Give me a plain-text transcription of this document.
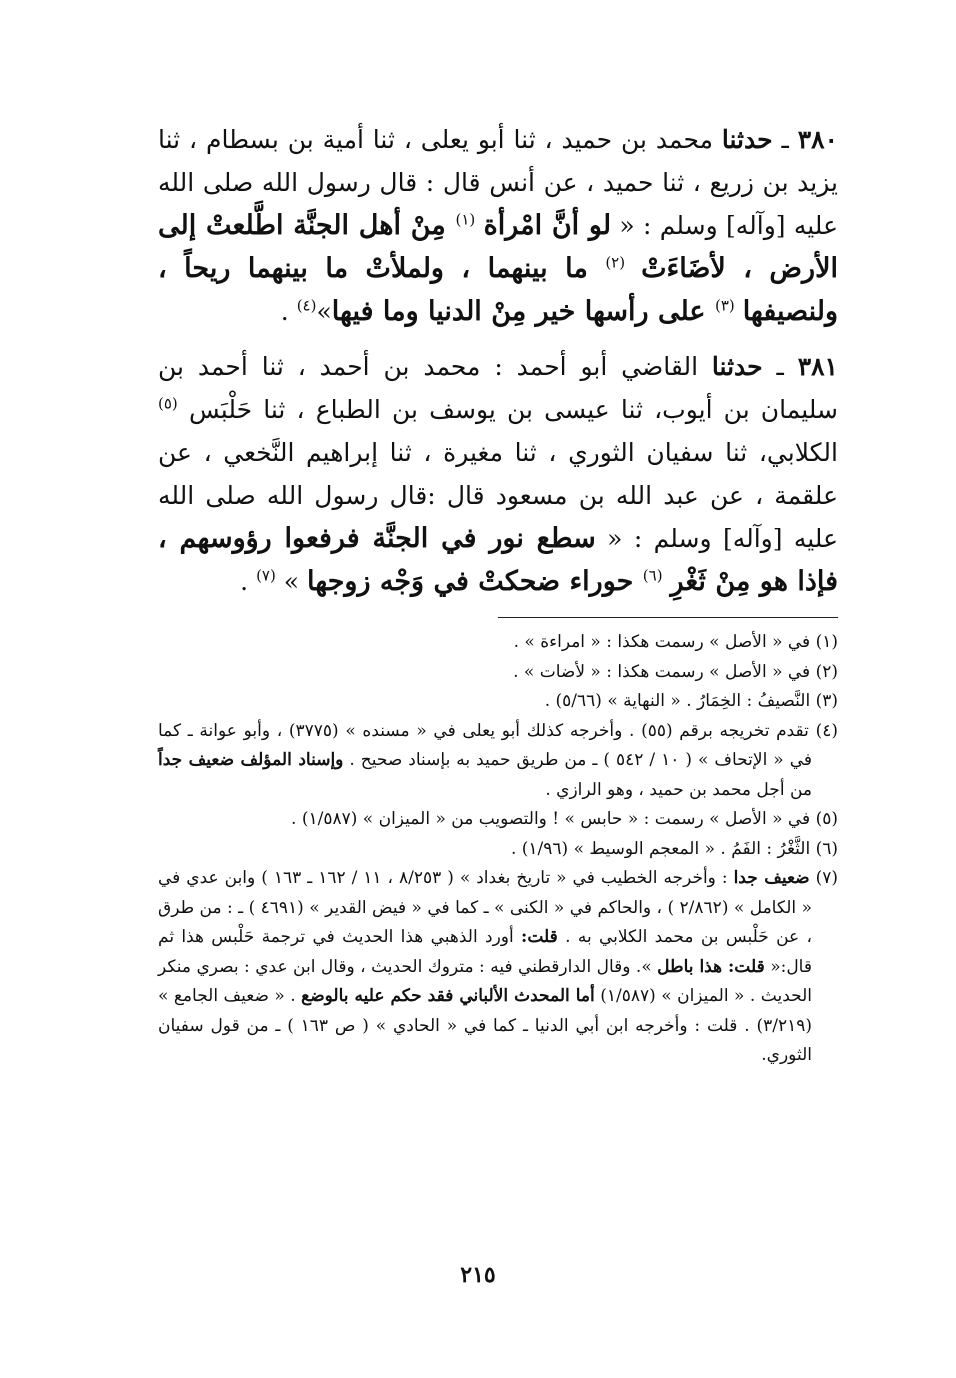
٣٨٠ ـ حدثنا محمد بن حميد ، ثنا أبو يعلى ، ثنا أمية بن بسطام ، ثنا يزيد بن زريع ، ثنا حميد ، عن أنس قال : قال رسول الله صلى الله عليه [وآله] وسلم : « لو أنَّ امْرأة $^{(١)}$ مِنْ أهل الجنَّة اطَّلعتْ إلى الأرض ، لأضَاءَتْ $^{(٢)}$ ما بينهما ، ولملأتْ ما بينهما ريحاً ، ولنصيفها $^{(٣)}$ على رأسها خير مِنْ الدنيا وما فيها»$^{(٤)}$ .

٣٨١ ـ حدثنا القاضي أبو أحمد : محمد بن أحمد ، ثنا أحمد بن سليمان بن أيوب، ثنا عيسى بن يوسف بن الطباع ، ثنا حَلْبَس $^{(٥)}$ الكلابي، ثنا سفيان الثوري ، ثنا مغيرة ، ثنا إبراهيم النَّخعي ، عن علقمة ، عن عبد الله بن مسعود قال :قال رسول الله صلى الله عليه [وآله] وسلم : « سطع نور في الجنَّة فرفعوا رؤوسهم ، فإذا هو مِنْ ثَغْرِ $^{(٦)}$ حوراء ضحكتْ في وَجْه زوجها » $^{(٧)}$ .

(١) في « الأصل » رسمت هكذا : « امراءة » .

(٢) في « الأصل » رسمت هكذا : « لأضات » .

(٣) النَّصيفُ : الخِمَارُ . « النهاية » (٥/٦٦) .

(٤) تقدم تخريجه برقم (٥٥) . وأخرجه كذلك أبو يعلى في « مسنده » (٣٧٧٥) ، وأبو عوانة ـ كما في « الإتحاف » ( ١٠ / ٥٤٢ ) ـ من طريق حميد به بإسناد صحيح . وإسناد المؤلف ضعيف جداً من أجل محمد بن حميد ، وهو الرازي .

(٥) في « الأصل » رسمت : « حابس » ! والتصويب من « الميزان » (١/٥٨٧) .

(٦) الثَّغْرُ : الفَمُ . « المعجم الوسيط » (١/٩٦) .

(٧) ضعيف جدا : وأخرجه الخطيب في « تاريخ بغداد » ( ٨/٢٥٣ ، ١١ / ١٦٢ ـ ١٦٣ ) وابن عدي في « الكامل » (٢/٨٦٢ ) ، والحاكم في « الكنى » ـ كما في « فيض القدير » (٤٦٩١ ) ـ : من طرق ، عن حَلْبس بن محمد الكلابي به . قلت: أورد الذهبي هذا الحديث في ترجمة حَلْبس هذا ثم قال:« قلت: هذا باطل ». وقال الدارقطني فيه : متروك الحديث ، وقال ابن عدي : بصري منكر الحديث . « الميزان » (١/٥٨٧) أما المحدث الألباني فقد حكم عليه بالوضع . « ضعيف الجامع » (٣/٢١٩) . قلت : وأخرجه ابن أبي الدنيا ـ كما في « الحادي » ( ص ١٦٣ ) ـ من قول سفيان الثوري.

٢١٥
